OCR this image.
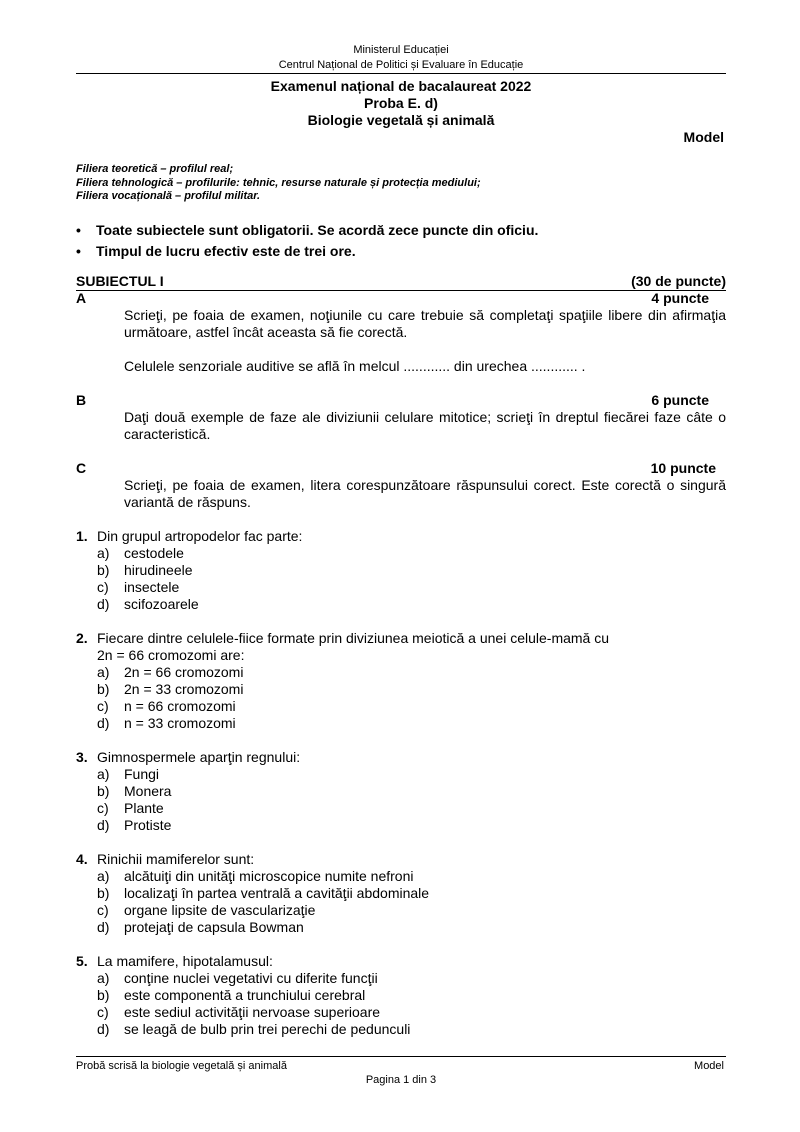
Ministerul Educației
Centrul Național de Politici și Evaluare în Educație
Examenul național de bacalaureat 2022
Proba E. d)
Biologie vegetală și animală
Model
Filiera teoretică – profilul real;
Filiera tehnologică – profilurile: tehnic, resurse naturale și protecția mediului;
Filiera vocațională – profilul militar.
•	Toate subiectele sunt obligatorii. Se acordă zece puncte din oficiu.
•	Timpul de lucru efectiv este de trei ore.
SUBIECTUL I	(30 de puncte)
A	4 puncte
Scrieţi, pe foaia de examen, noţiunile cu care trebuie să completaţi spaţiile libere din afirmaţia următoare, astfel încât aceasta să fie corectă.
Celulele senzoriale auditive se află în melcul ............ din urechea ............ .
B	6 puncte
Daţi două exemple de faze ale diviziunii celulare mitotice; scrieţi în dreptul fiecărei faze câte o caracteristică.
C	10 puncte
Scrieţi, pe foaia de examen, litera corespunzătoare răspunsului corect. Este corectă o singură variantă de răspuns.
1. Din grupul artropodelor fac parte:
a)	cestodele
b)	hirudineele
c)	insectele
d)	scifozoarele
2. Fiecare dintre celulele-fiice formate prin diviziunea meiotică a unei celule-mamă cu
2n = 66 cromozomi are:
a)	2n = 66 cromozomi
b)	2n = 33 cromozomi
c)	n = 66 cromozomi
d)	n = 33 cromozomi
3. Gimnospermele aparţin regnului:
a)	Fungi
b)	Monera
c)	Plante
d)	Protiste
4. Rinichii mamiferelor sunt:
a)	alcătuiţi din unităţi microscopice numite nefroni
b)	localizaţi în partea ventrală a cavităţii abdominale
c)	organe lipsite de vascularizaţie
d)	protejaţi de capsula Bowman
5. La mamifere, hipotalamusul:
a)	conţine nuclei vegetativi cu diferite funcţii
b)	este componentă a trunchiului cerebral
c)	este sediul activităţii nervoase superioare
d)	se leagă de bulb prin trei perechi de pedunculi
Probă scrisă la biologie vegetală și animală	Model
Pagina 1 din 3
